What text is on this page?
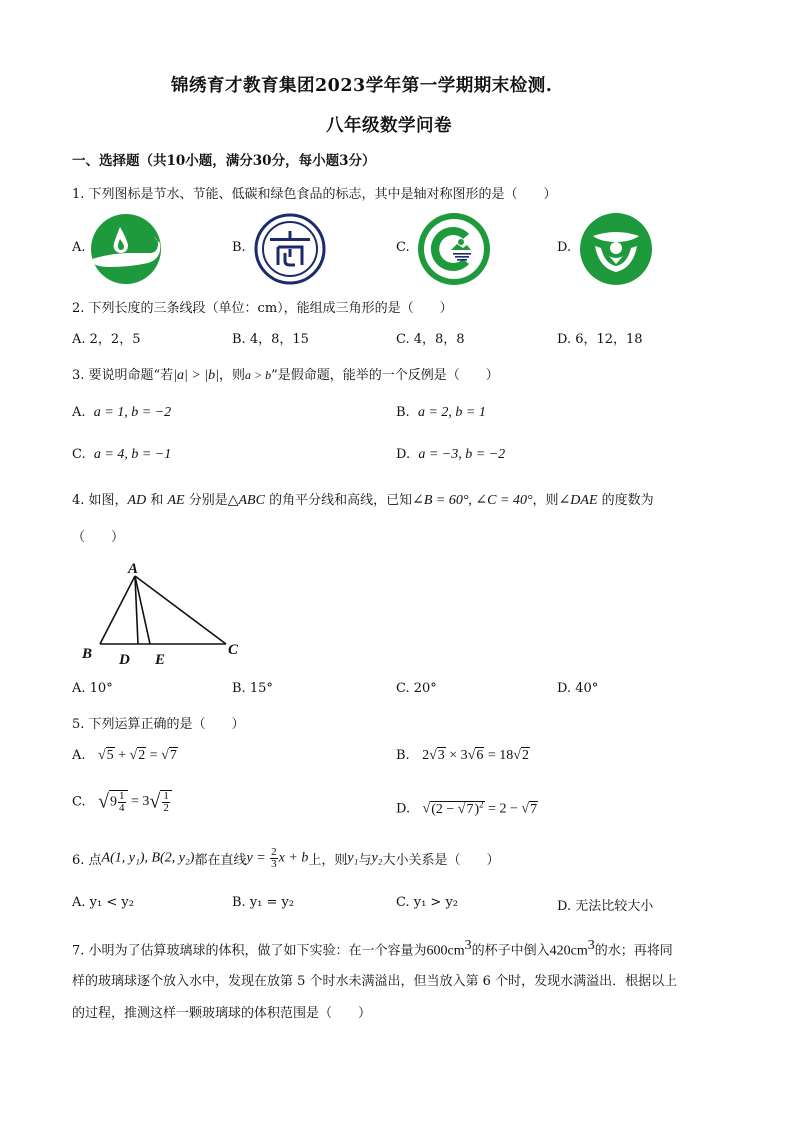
锦绣育才教育集团2023学年第一学期期末检测.
八年级数学问卷
一、选择题（共10小题，满分30分，每小题3分）
1. 下列图标是节水、节能、低碳和绿色食品的标志，其中是轴对称图形的是（　　）
A.	B.	C.	D.
2. 下列长度的三条线段（单位：cm），能组成三角形的是（　　）
A. 2，2，5	B. 4，8，15	C. 4，8，8	D. 6，12，18
3. 要说明命题“若|a| > |b|，则a > b”是假命题，能举的一个反例是（　　）
A. a = 1, b = −2	B. a = 2, b = 1
C. a = 4, b = −1	D. a = −3, b = −2
4. 如图，AD 和 AE 分别是△ABC 的角平分线和高线，已知∠B = 60°, ∠C = 40°，则∠DAE 的度数为
（　　）
A
B D E
C
A. 10°	B. 15°	C. 20°	D. 40°
5. 下列运算正确的是（　　）
A. √5 + √2 = √7	B. 2√3 × 3√6 = 18√2
C. $√9 \frac{1}{4} = 3√ \frac{1}{2}$	D. $√(2 - √7)^2 = 2 - √7$
6. 点A(1, y₁), B(2, y₂)都在直线$y = \frac{2}{3}$ x + b上，则y₁与y₂大小关系是（　　）
A. y₁ < y₂	B. y₁ = y₂	C. y₁ > y₂	D. 无法比较大小
7. 小明为了估算玻璃球的体积，做了如下实验：在一个容量为$600cm^3$的杯子中倒入$420cm^3$的水；再将同
样的玻璃球逐个放入水中，发现在放第 5 个时水未满溢出，但当放入第 6 个时，发现水满溢出．根据以上
的过程，推测这样一颗玻璃球的体积范围是（　　）
